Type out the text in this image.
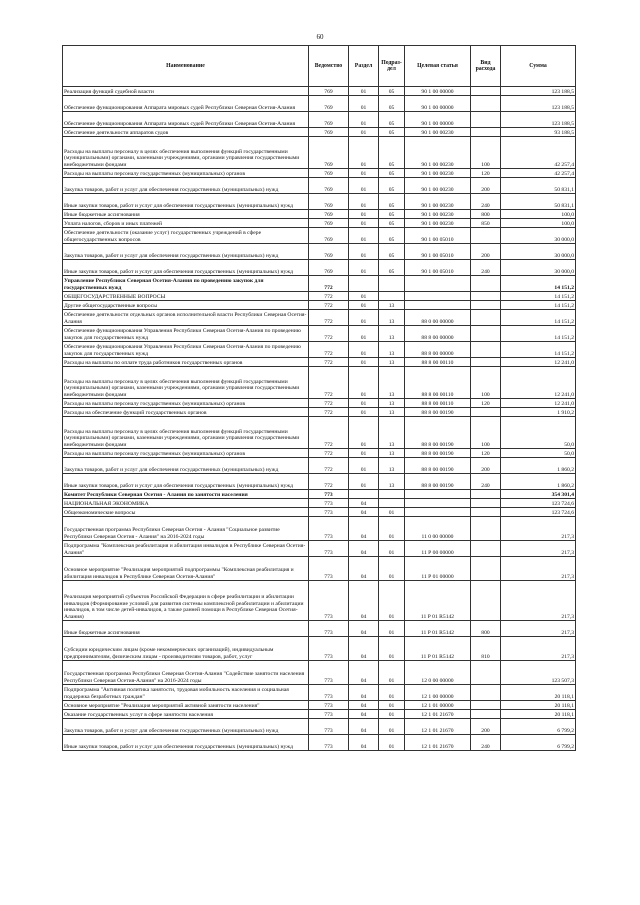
60
Наименование	Ведомство	Раздел	Подраз- дел	Целевая статья	Вид расхода	Сумма
Реализация функций судебной власти	769	01	05	90 1 00 00000		123 188,5
Обеспечение функционирования Аппарата мировых судей Республики Северная Осетия-Алания	769	01	05	90 1 00 00000		123 188,5
Обеспечение функционирования Аппарата мировых судей Республики Северная Осетия-Алания	769	01	05	90 1 00 00000		123 188,5
Обеспечение деятельности аппаратов судов	769	01	05	90 1 00 00230		93 188,5
Расходы на выплаты персоналу в целях обеспечения выполнения функций государственными (муниципальными) органами, казенными учреждениями, органами управления государственными внебюджетными фондами	769	01	05	90 1 00 00230	100	42 257,4
Расходы на выплаты персоналу государственных (муниципальных) органов	769	01	05	90 1 00 00230	120	42 257,4
Закупка товаров, работ и услуг для обеспечения государственных (муниципальных) нужд	769	01	05	90 1 00 00230	200	50 831,1
Иные закупки товаров, работ и услуг для обеспечения государственных (муниципальных) нужд	769	01	05	90 1 00 00230	240	50 831,1
Иные бюджетные ассигнования	769	01	05	90 1 00 00230	800	100,0
Уплата налогов, сборов и иных платежей	769	01	05	90 1 00 00230	850	100,0
Обеспечение деятельности (оказание услуг) государственных учреждений в сфере общегосударственных вопросов	769	01	05	90 1 00 05010		30 000,0
Закупка товаров, работ и услуг для обеспечения государственных (муниципальных) нужд	769	01	05	90 1 00 05010	200	30 000,0
Иные закупки товаров, работ и услуг для обеспечения государственных (муниципальных) нужд	769	01	05	90 1 00 05010	240	30 000,0
Управление Республики Северная Осетия-Алания по проведению закупок для государственных нужд	772					14 151,2
ОБЩЕГОСУДАРСТВЕННЫЕ ВОПРОСЫ	772	01				14 151,2
Другие общегосударственные вопросы	772	01	13			14 151,2
Обеспечение деятельности отдельных органов исполнительной власти Республики Северная Осетия-Алания	772	01	13	88 0 00 00000		14 151,2
Обеспечение функционирования Управления Республики Северная Осетия-Алания по проведению закупок для государственных нужд	772	01	13	88 8 00 00000		14 151,2
Обеспечение функционирования Управления Республики Северная Осетия-Алания по проведению закупок для государственных нужд	772	01	13	88 8 00 00000		14 151,2
Расходы на выплаты по оплате труда работников государственных органов	772	01	13	88 8 00 00110		12 241,0
Расходы на выплаты персоналу в целях обеспечения выполнения функций государственными (муниципальными) органами, казенными учреждениями, органами управления государственными внебюджетными фондами	772	01	13	88 8 00 00110	100	12 241,0
Расходы на выплаты персоналу государственных (муниципальных) органов	772	01	13	88 8 00 00110	120	12 241,0
Расходы на обеспечение функций государственных органов	772	01	13	88 8 00 00190		1 910,2
Расходы на выплаты персоналу в целях обеспечения выполнения функций государственными (муниципальными) органами, казенными учреждениями, органами управления государственными внебюджетными фондами	772	01	13	88 8 00 00190	100	50,0
Расходы на выплаты персоналу государственных (муниципальных) органов	772	01	13	88 8 00 00190	120	50,0
Закупка товаров, работ и услуг для обеспечения государственных (муниципальных) нужд	772	01	13	88 8 00 00190	200	1 860,2
Иные закупки товаров, работ и услуг для обеспечения государственных (муниципальных) нужд	772	01	13	88 8 00 00190	240	1 860,2
Комитет Республики Северная Осетия - Алания по занятости населения	773					354 301,4
НАЦИОНАЛЬНАЯ ЭКОНОМИКА	773	04				123 724,6
Общеэкономические вопросы	773	04	01			123 724,6
Государственная программа Республики Северная Осетия - Алания "Социальное развитие Республики Северная Осетия - Алания" на 2016-2024 годы	773	04	01	11 0 00 00000		217,3
Подпрограмма "Комплексная реабилитация и абилитация инвалидов в Республике Северная Осетия-Алания"	773	04	01	11 Р 00 00000		217,3
Основное мероприятие "Реализация мероприятий подпрограммы "Комплексная реабилитация и абилитация инвалидов в Республике Северная Осетия-Алания"	773	04	01	11 Р 01 00000		217,3
Реализация мероприятий субъектов Российской Федерации в сфере реабилитации и абилитации инвалидов (Формирование условий для развития системы комплексной реабилитации и абилитации инвалидов, в том числе детей-инвалидов, а также ранней помощи в Республике Северная Осетия-Алания)	773	04	01	11 Р 01 R5142		217,3
Иные бюджетные ассигнования	773	04	01	11 Р 01 R5142	800	217,3
Субсидии юридическим лицам (кроме некоммерческих организаций), индивидуальным предпринимателям, физическим лицам - производителям товаров, работ, услуг	773	04	01	11 Р 01 R5142	810	217,3
Государственная программа Республики Северная Осетия-Алания "Содействие занятости населения Республики Северная Осетия-Алания" на 2016-2024 годы	773	04	01	12 0 00 00000		123 507,3
Подпрограмма "Активная политика занятости, трудовая мобильность населения и социальная поддержка безработных граждан"	773	04	01	12 1 00 00000		20 118,1
Основное мероприятие "Реализация мероприятий активной занятости населения"	773	04	01	12 1 01 00000		20 118,1
Оказание государственных услуг в сфере занятости населения	773	04	01	12 1 01 21670		20 118,1
Закупка товаров, работ и услуг для обеспечения государственных (муниципальных) нужд	773	04	01	12 1 01 21670	200	6 799,2
Иные закупки товаров, работ и услуг для обеспечения государственных (муниципальных) нужд	773	04	01	12 1 01 21670	240	6 799,2
